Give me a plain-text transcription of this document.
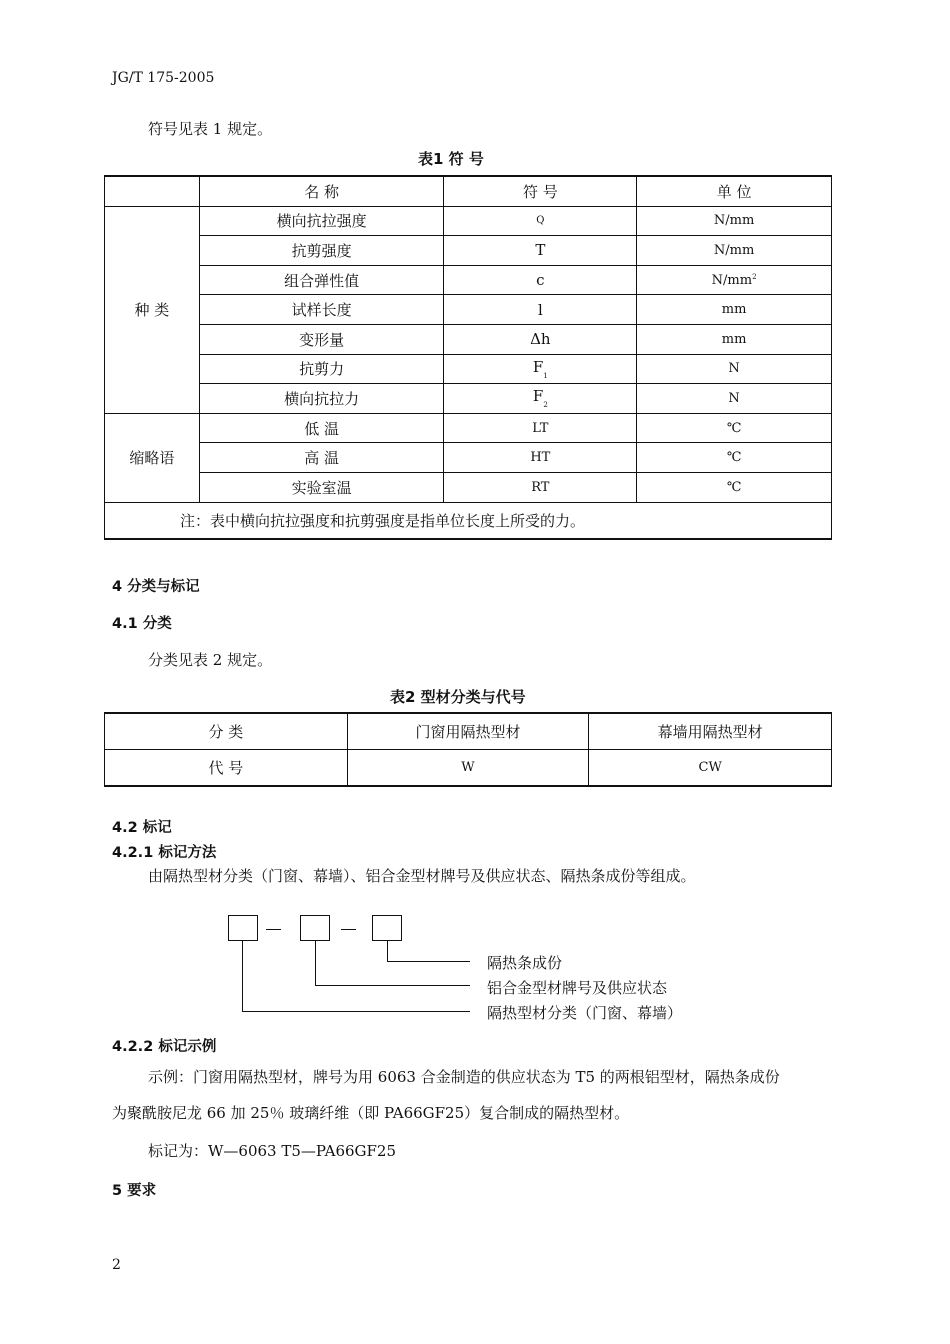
JG/T 175-2005
符号见表 1 规定。
表1 符 号
	名 称	符 号	单 位
种 类	横向抗拉强度	Q	N/mm
	抗剪强度	T	N/mm
	组合弹性值	c	$N/mm^2$
	试样长度	l	mm
	变形量	Δh	mm
	抗剪力	$F_1$	N
	横向抗拉力	$F_2$	N
缩略语	低 温	LT	℃
	高 温	HT	℃
	实验室温	RT	℃
注：表中横向抗拉强度和抗剪强度是指单位长度上所受的力。			
4 分类与标记
4.1 分类
分类见表 2 规定。
表2 型材分类与代号
分 类	门窗用隔热型材	幕墙用隔热型材
代 号	W	CW
4.2 标记
4.2.1 标记方法
由隔热型材分类（门窗、幕墙）、铝合金型材牌号及供应状态、隔热条成份等组成。
隔热条成份
铝合金型材牌号及供应状态
隔热型材分类（门窗、幕墙）
4.2.2 标记示例
示例：门窗用隔热型材，牌号为用 6063 合金制造的供应状态为 T5 的两根铝型材，隔热条成份
为聚酰胺尼龙 66 加 25％ 玻璃纤维（即 PA66GF25）复合制成的隔热型材。
标记为：W—6063 T5—PA66GF25
5 要求
2
